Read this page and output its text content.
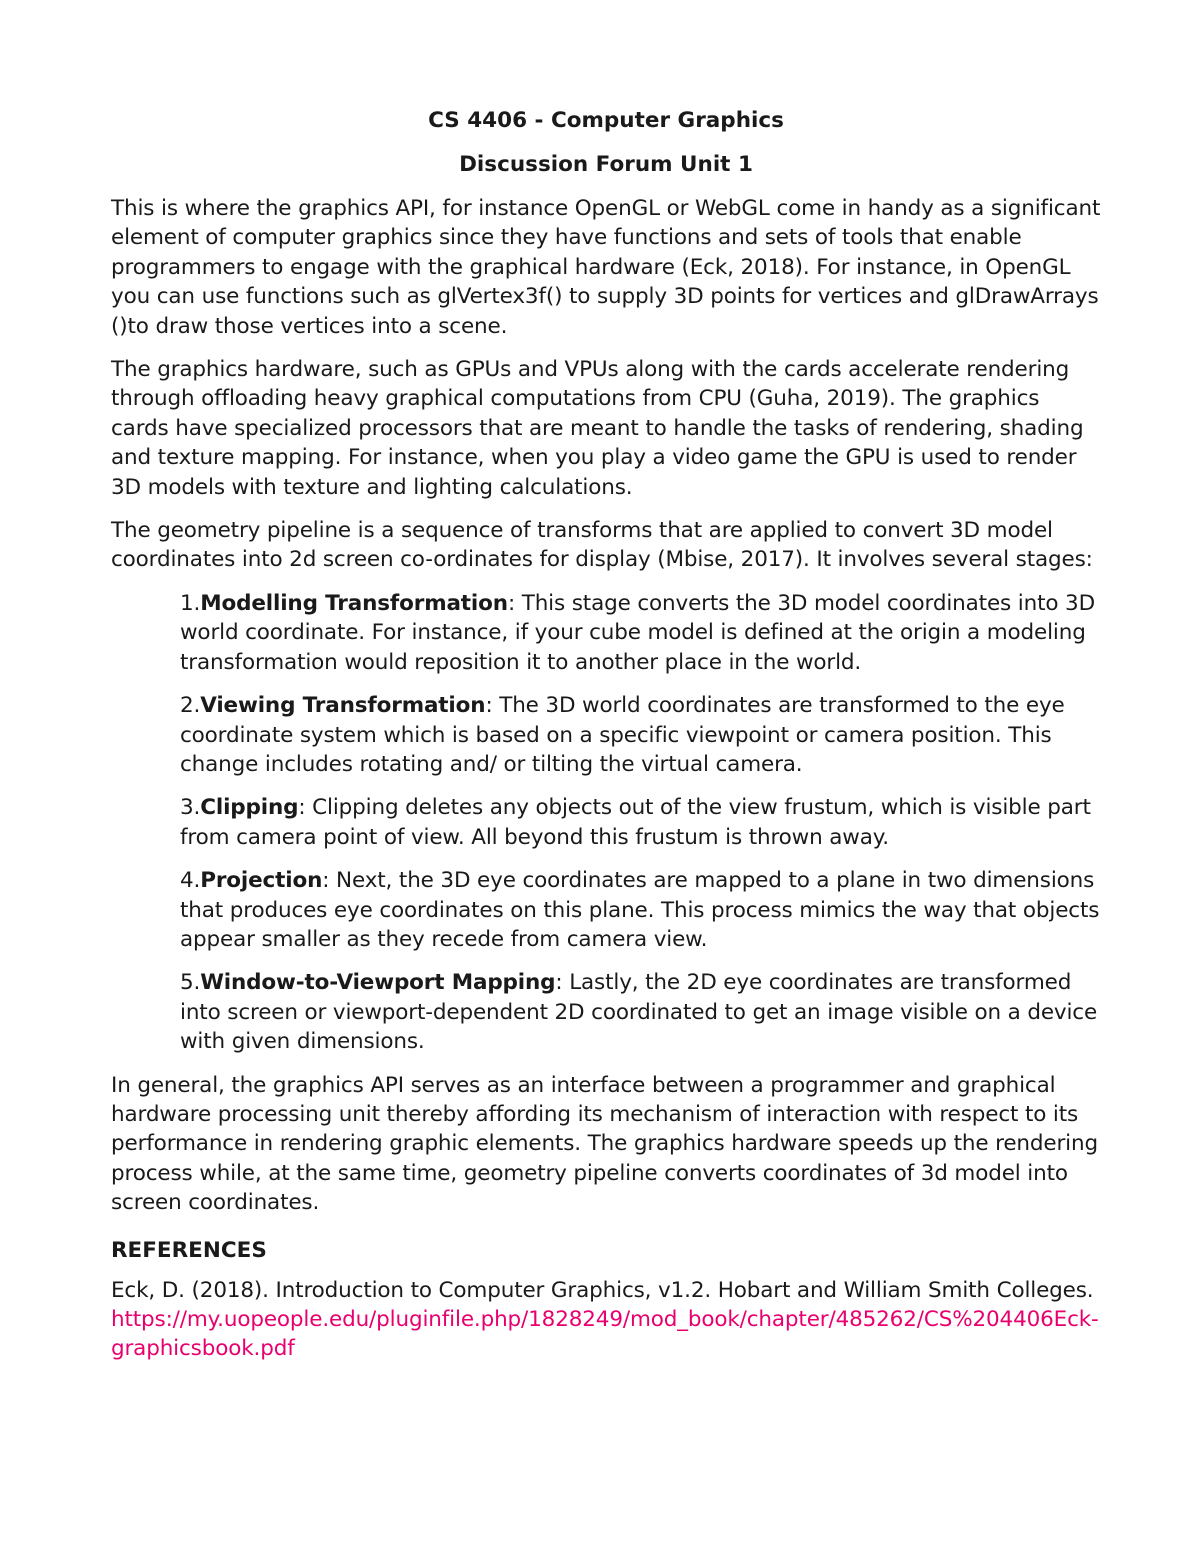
CS 4406 - Computer Graphics
Discussion Forum Unit 1

This is where the graphics API, for instance OpenGL or WebGL come in handy as a significant element of computer graphics since they have functions and sets of tools that enable programmers to engage with the graphical hardware (Eck, 2018). For instance, in OpenGL you can use functions such as glVertex3f() to supply 3D points for vertices and glDrawArrays ()to draw those vertices into a scene.

The graphics hardware, such as GPUs and VPUs along with the cards accelerate rendering through offloading heavy graphical computations from CPU (Guha, 2019). The graphics cards have specialized processors that are meant to handle the tasks of rendering, shading and texture mapping. For instance, when you play a video game the GPU is used to render 3D models with texture and lighting calculations.

The geometry pipeline is a sequence of transforms that are applied to convert 3D model coordinates into 2d screen co-ordinates for display (Mbise, 2017). It involves several stages:

1.Modelling Transformation: This stage converts the 3D model coordinates into 3D world coordinate. For instance, if your cube model is defined at the origin a modeling transformation would reposition it to another place in the world.
2.Viewing Transformation: The 3D world coordinates are transformed to the eye coordinate system which is based on a specific viewpoint or camera position. This change includes rotating and/ or tilting the virtual camera.
3.Clipping: Clipping deletes any objects out of the view frustum, which is visible part from camera point of view. All beyond this frustum is thrown away.
4.Projection: Next, the 3D eye coordinates are mapped to a plane in two dimensions that produces eye coordinates on this plane. This process mimics the way that objects appear smaller as they recede from camera view.
5.Window-to-Viewport Mapping: Lastly, the 2D eye coordinates are transformed into screen or viewport-dependent 2D coordinated to get an image visible on a device with given dimensions.

In general, the graphics API serves as an interface between a programmer and graphical hardware processing unit thereby affording its mechanism of interaction with respect to its performance in rendering graphic elements. The graphics hardware speeds up the rendering process while, at the same time, geometry pipeline converts coordinates of 3d model into screen coordinates.

REFERENCES

Eck, D. (2018). Introduction to Computer Graphics, v1.2. Hobart and William Smith Colleges. https://my.uopeople.edu/pluginfile.php/1828249/mod_book/chapter/485262/CS%204406Eck-graphicsbook.pdf
